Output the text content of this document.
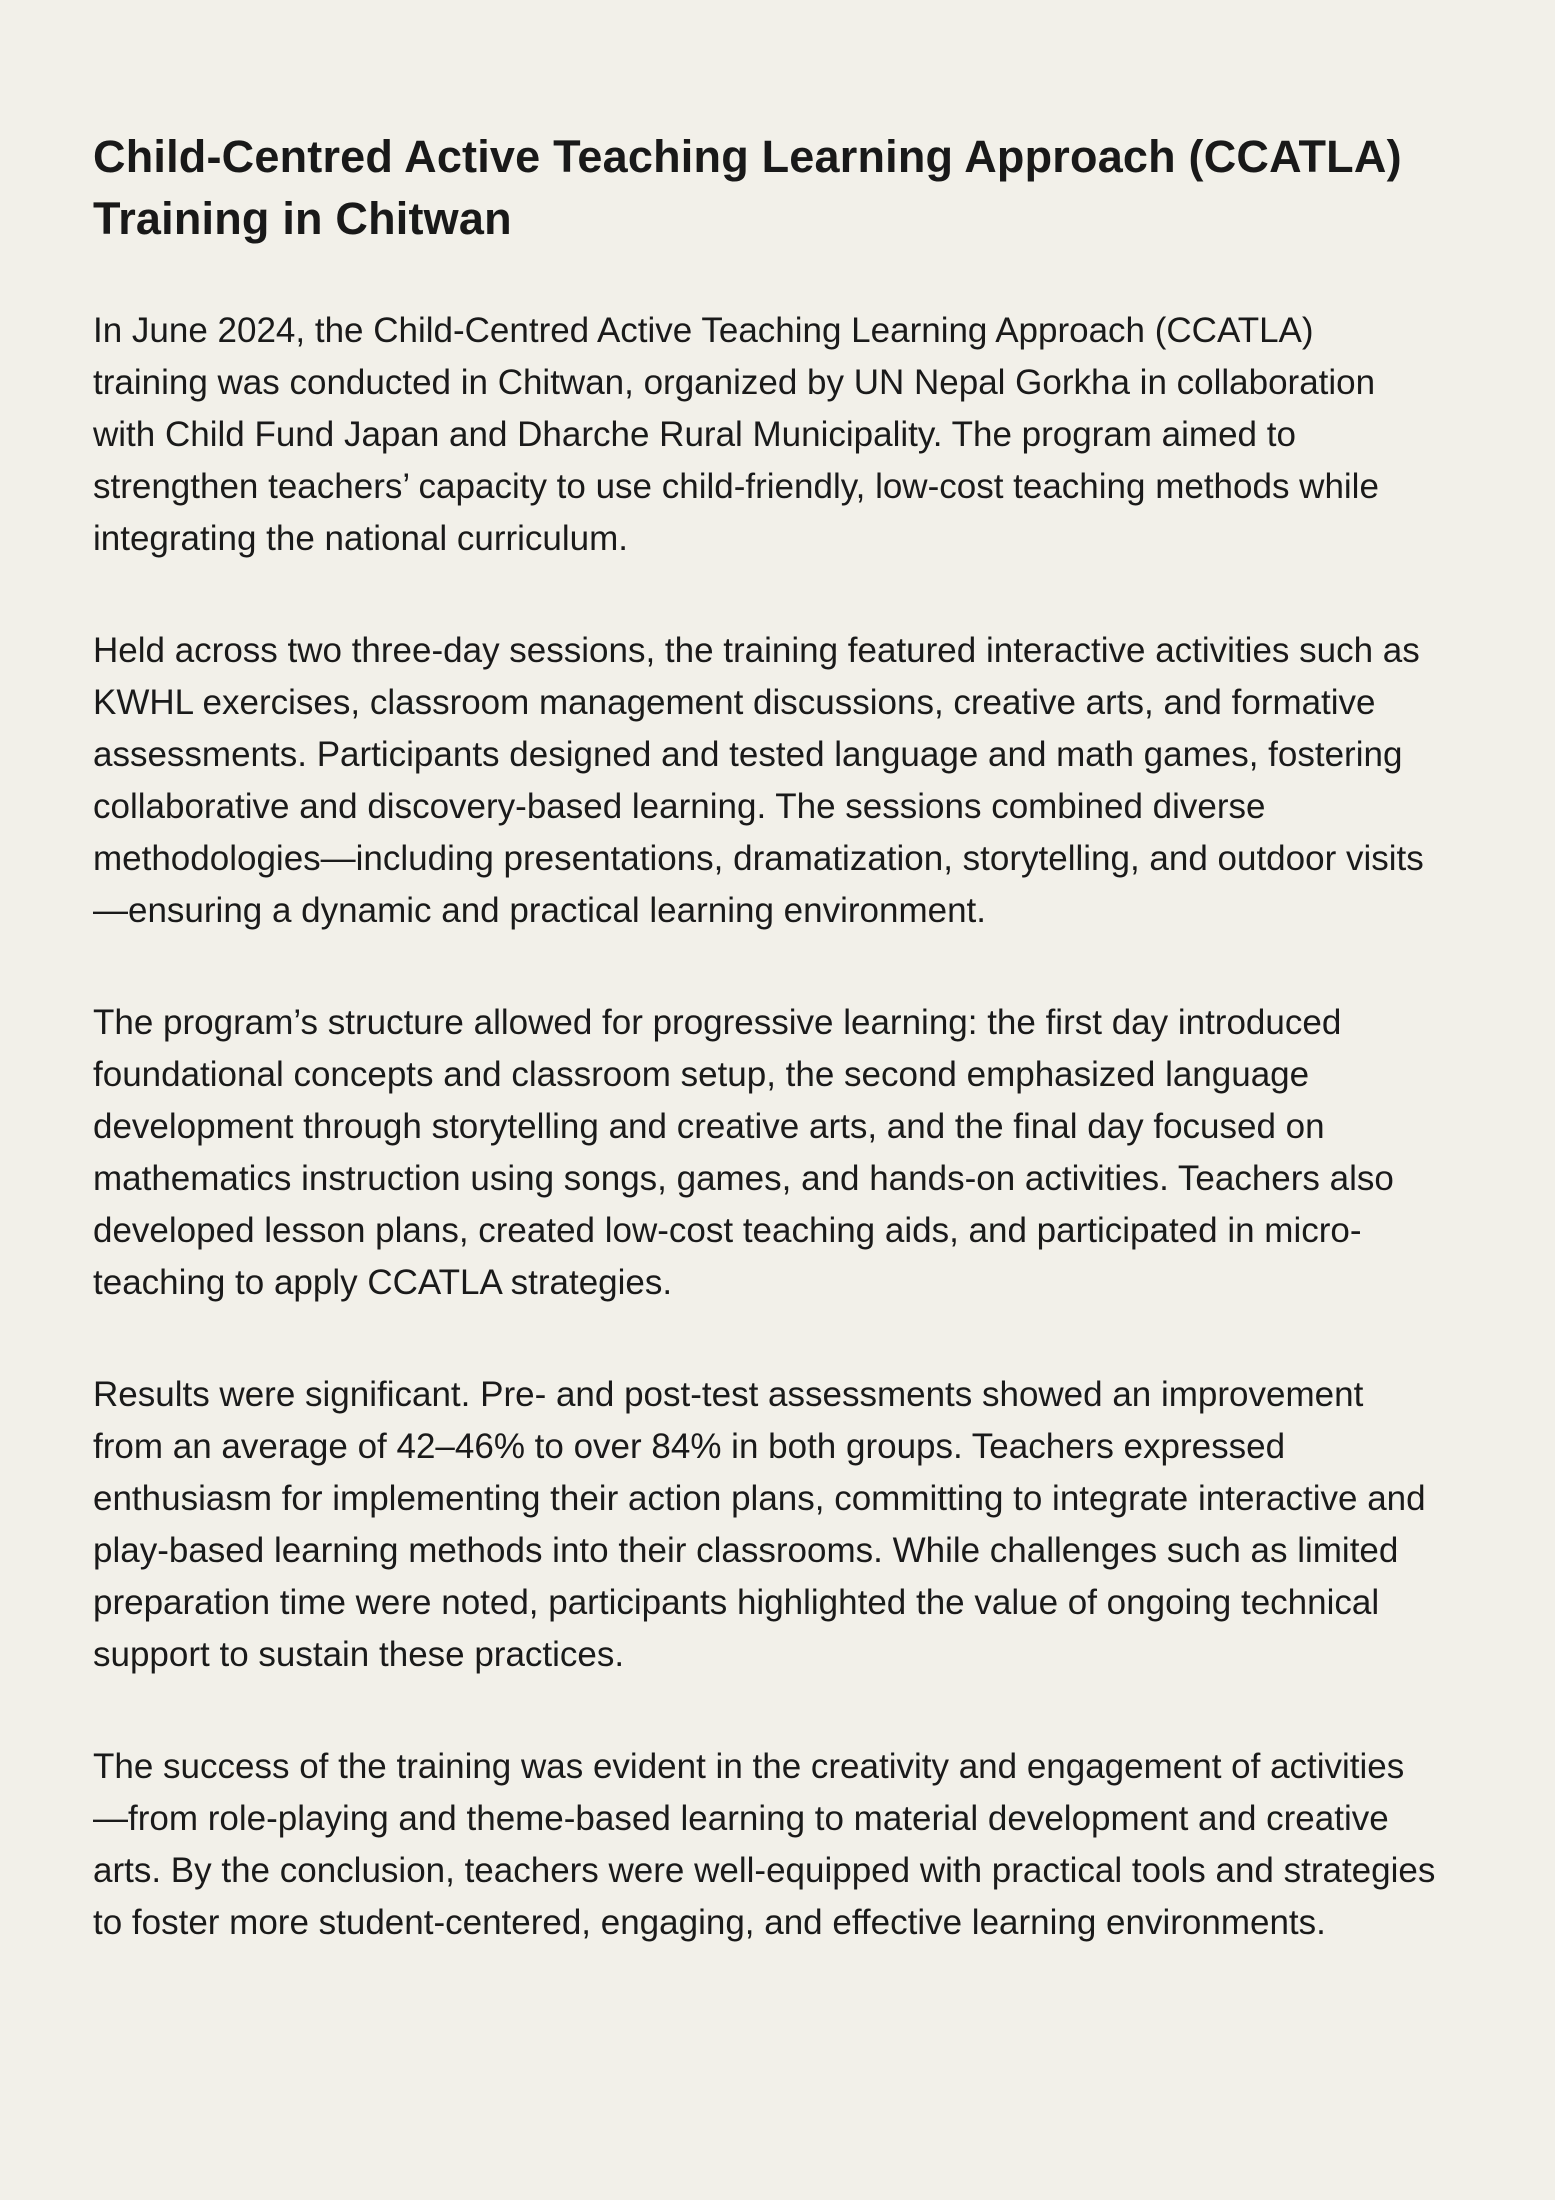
Child-Centred Active Teaching Learning Approach (CCATLA) Training in Chitwan

In June 2024, the Child-Centred Active Teaching Learning Approach (CCATLA) training was conducted in Chitwan, organized by UN Nepal Gorkha in collaboration with Child Fund Japan and Dharche Rural Municipality. The program aimed to strengthen teachers’ capacity to use child-friendly, low-cost teaching methods while integrating the national curriculum.

Held across two three-day sessions, the training featured interactive activities such as KWHL exercises, classroom management discussions, creative arts, and formative assessments. Participants designed and tested language and math games, fostering collaborative and discovery-based learning. The sessions combined diverse methodologies—including presentations, dramatization, storytelling, and outdoor visits—ensuring a dynamic and practical learning environment.

The program’s structure allowed for progressive learning: the first day introduced foundational concepts and classroom setup, the second emphasized language development through storytelling and creative arts, and the final day focused on mathematics instruction using songs, games, and hands-on activities. Teachers also developed lesson plans, created low-cost teaching aids, and participated in micro-teaching to apply CCATLA strategies.

Results were significant. Pre- and post-test assessments showed an improvement from an average of 42–46% to over 84% in both groups. Teachers expressed enthusiasm for implementing their action plans, committing to integrate interactive and play-based learning methods into their classrooms. While challenges such as limited preparation time were noted, participants highlighted the value of ongoing technical support to sustain these practices.

The success of the training was evident in the creativity and engagement of activities—from role-playing and theme-based learning to material development and creative arts. By the conclusion, teachers were well-equipped with practical tools and strategies to foster more student-centered, engaging, and effective learning environments.
